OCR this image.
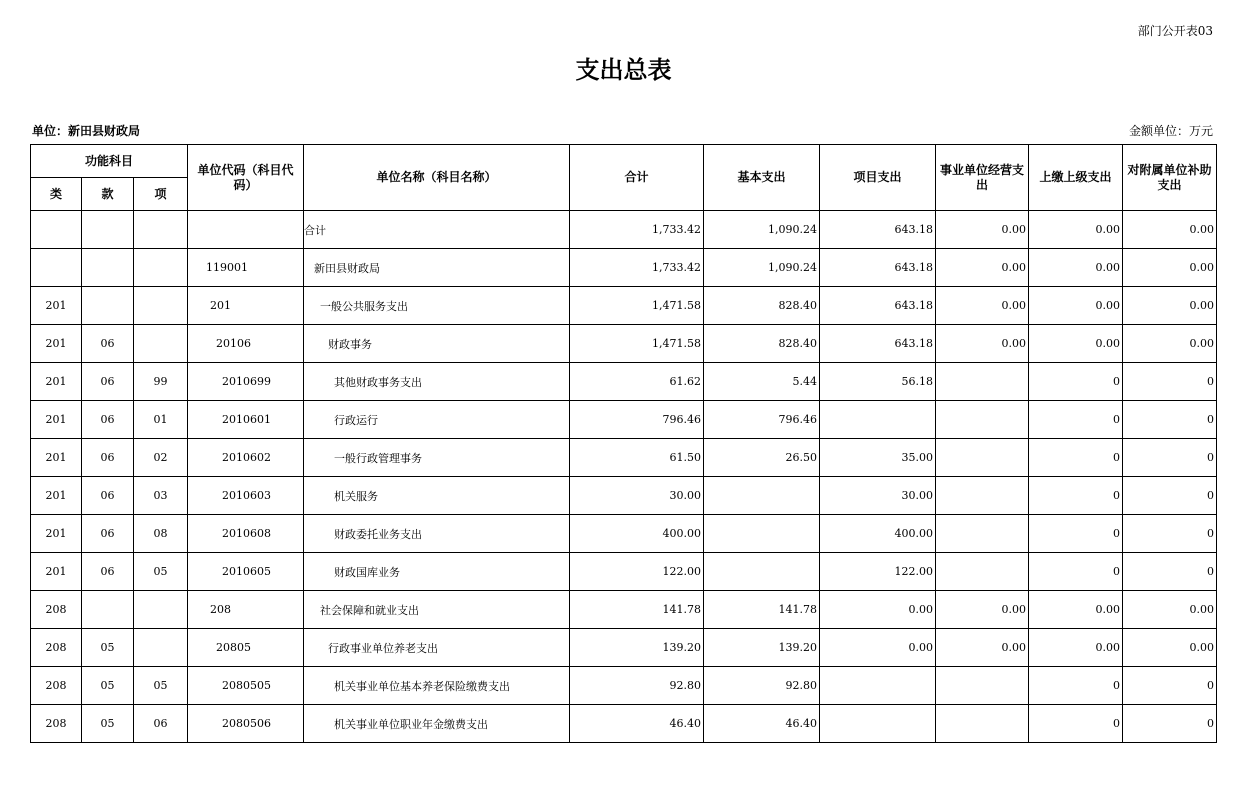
部门公开表03
支出总表
单位：新田县财政局	金额单位：万元
功能科目			单位代码（科目代码）	单位名称（科目名称）	合计	基本支出	项目支出	事业单位经营支出	上缴上级支出	对附属单位补助支出
类	款	项								
				合计	1,733.42	1,090.24	643.18	0.00	0.00	0.00
			119001	新田县财政局	1,733.42	1,090.24	643.18	0.00	0.00	0.00
201			201	一般公共服务支出	1,471.58	828.40	643.18	0.00	0.00	0.00
201	06		20106	财政事务	1,471.58	828.40	643.18	0.00	0.00	0.00
201	06	99	2010699	其他财政事务支出	61.62	5.44	56.18		0	0
201	06	01	2010601	行政运行	796.46	796.46			0	0
201	06	02	2010602	一般行政管理事务	61.50	26.50	35.00		0	0
201	06	03	2010603	机关服务	30.00		30.00		0	0
201	06	08	2010608	财政委托业务支出	400.00		400.00		0	0
201	06	05	2010605	财政国库业务	122.00		122.00		0	0
208			208	社会保障和就业支出	141.78	141.78	0.00	0.00	0.00	0.00
208	05		20805	行政事业单位养老支出	139.20	139.20	0.00	0.00	0.00	0.00
208	05	05	2080505	机关事业单位基本养老保险缴费支出	92.80	92.80			0	0
208	05	06	2080506	机关事业单位职业年金缴费支出	46.40	46.40			0	0
